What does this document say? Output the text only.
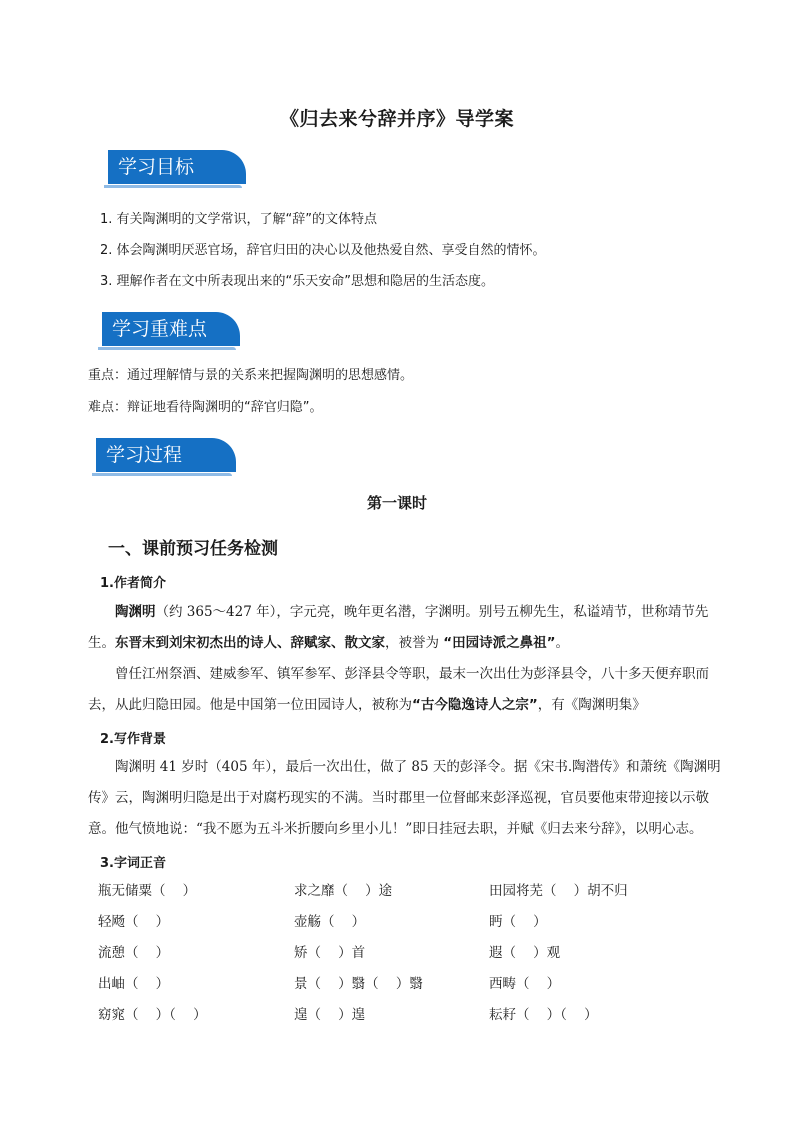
《归去来兮辞并序》导学案
学习目标
1. 有关陶渊明的文学常识，了解“辞”的文体特点
2. 体会陶渊明厌恶官场，辞官归田的决心以及他热爱自然、享受自然的情怀。
3. 理解作者在文中所表现出来的“乐天安命”思想和隐居的生活态度。
学习重难点
重点：通过理解情与景的关系来把握陶渊明的思想感情。
难点：辩证地看待陶渊明的“辞官归隐”。
学习过程
第一课时
一、课前预习任务检测
1.作者简介
陶渊明（约 365～427 年），字元亮，晚年更名潜，字渊明。别号五柳先生，私谥靖节，世称靖节先生。东晋末到刘宋初杰出的诗人、辞赋家、散文家，被誉为 “田园诗派之鼻祖”。
曾任江州祭酒、建威参军、镇军参军、彭泽县令等职，最末一次出仕为彭泽县令，八十多天便弃职而去，从此归隐田园。他是中国第一位田园诗人，被称为“古今隐逸诗人之宗”，有《陶渊明集》
2.写作背景
陶渊明 41 岁时（405 年），最后一次出仕，做了 85 天的彭泽令。据《宋书.陶潜传》和萧统《陶渊明传》云，陶渊明归隐是出于对腐朽现实的不满。当时郡里一位督邮来彭泽巡视，官员要他束带迎接以示敬意。他气愤地说：“我不愿为五斗米折腰向乡里小儿！”即日挂冠去职，并赋《归去来兮辞》，以明心志。
3.字词正音
瓶无储粟（    ）	求之靡（    ）途	田园将芜（    ）胡不归
轻飏（    ）	壶觞（    ）	眄（    ）
流憩（    ）	矫（    ）首	遐（    ）观
出岫（    ）	景（    ）翳（    ）翳	西畴（    ）
窈窕（    ）（    ）	遑（    ）遑	耘耔（    ）（    ）
